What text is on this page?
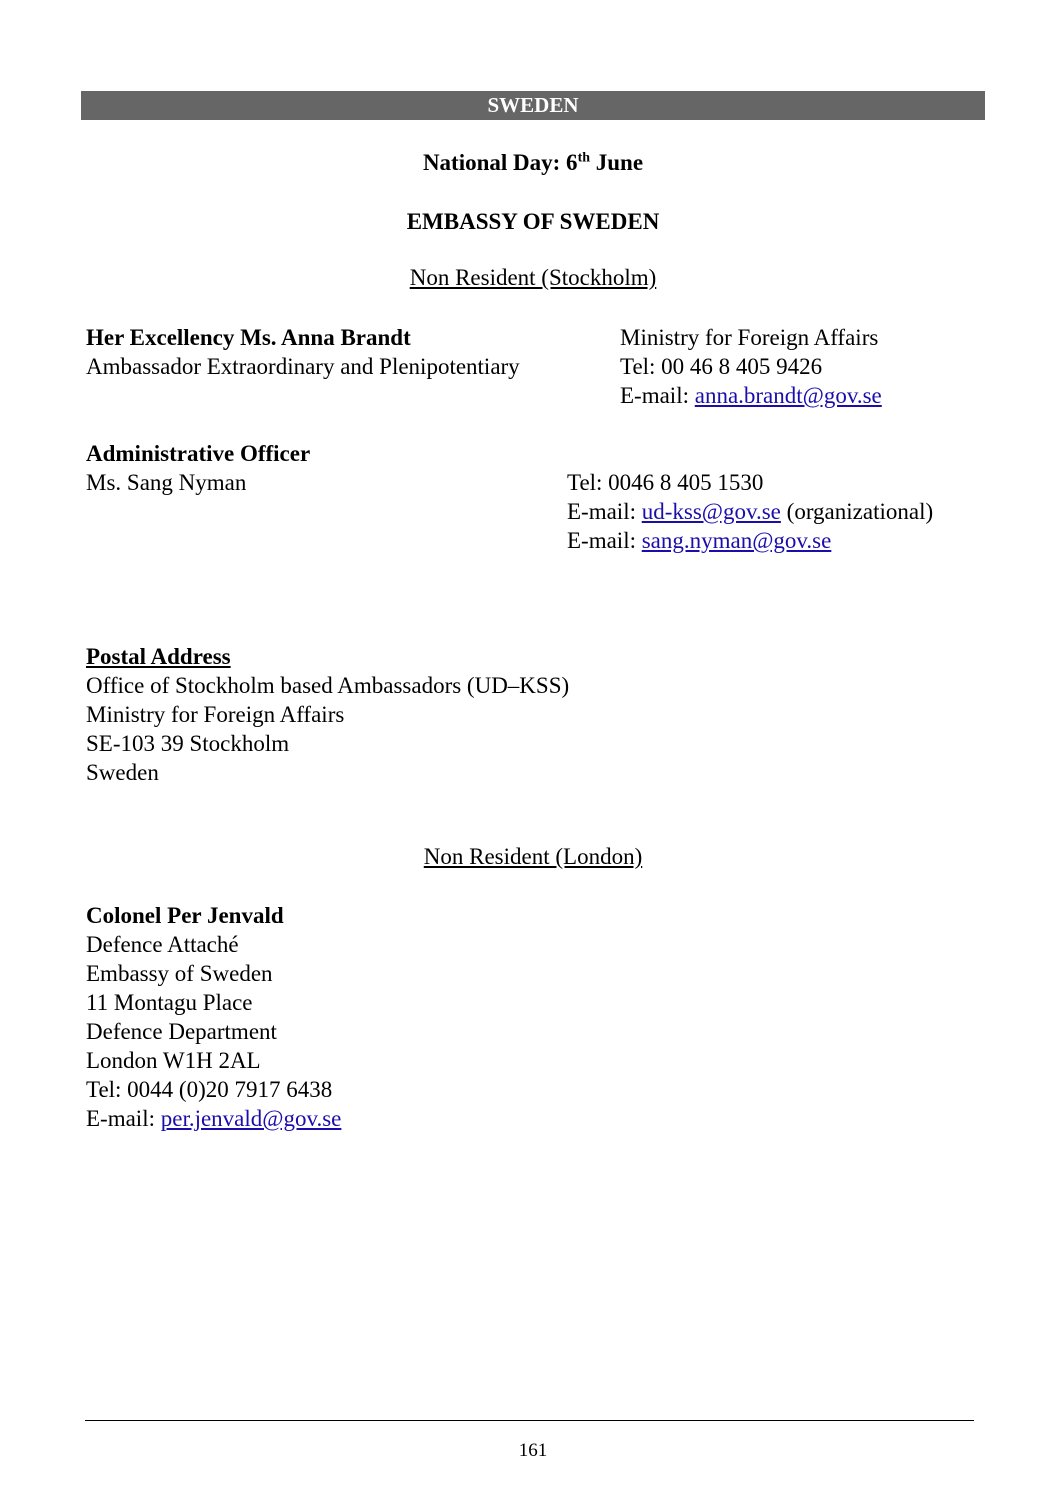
SWEDEN
National Day: 6th June
EMBASSY OF SWEDEN
Non Resident (Stockholm)
Her Excellency Ms. Anna Brandt
Ambassador Extraordinary and Plenipotentiary
Ministry for Foreign Affairs
Tel: 00 46 8 405 9426
E-mail: anna.brandt@gov.se
Administrative Officer
Ms. Sang Nyman	Tel: 0046 8 405 1530
E-mail: ud-kss@gov.se (organizational)
E-mail: sang.nyman@gov.se
Postal Address
Office of Stockholm based Ambassadors (UD–KSS)
Ministry for Foreign Affairs
SE-103 39 Stockholm
Sweden
Non Resident (London)
Colonel Per Jenvald
Defence Attaché
Embassy of Sweden
11 Montagu Place
Defence Department
London W1H 2AL
Tel: 0044 (0)20 7917 6438
E-mail: per.jenvald@gov.se
161
